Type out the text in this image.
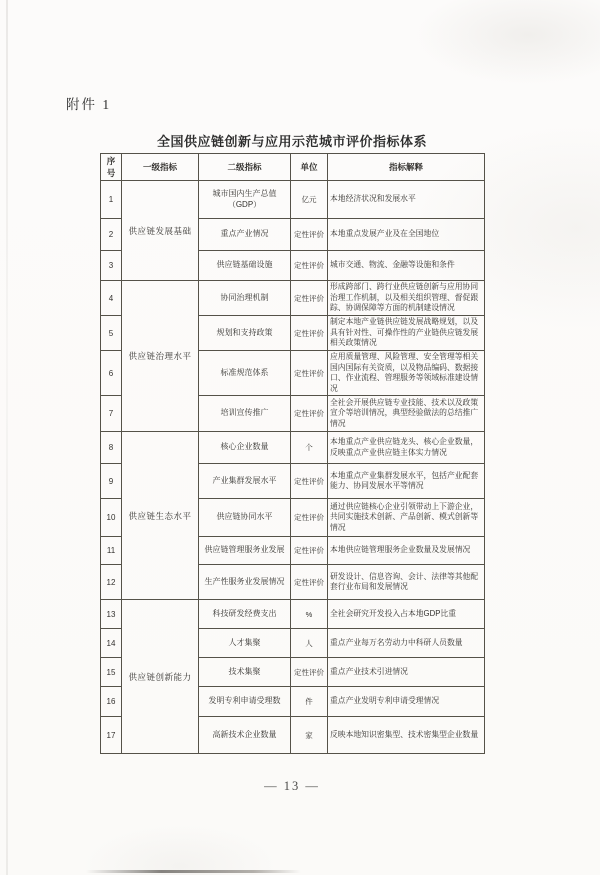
附件 1
全国供应链创新与应用示范城市评价指标体系
序号	一级指标	二级指标	单位	指标解释
1	供应链发展基础	城市国内生产总值（GDP）	亿元	本地经济状况和发展水平
2		重点产业情况	定性评价	本地重点发展产业及在全国地位
3		供应链基础设施	定性评价	城市交通、物流、金融等设施和条件
4	供应链治理水平	协同治理机制	定性评价	形成跨部门、跨行业供应链创新与应用协同治理工作机制，以及相关组织管理、督促跟踪、协调保障等方面的机制建设情况
5		规划和支持政策	定性评价	制定本地产业链供应链发展战略规划，以及具有针对性、可操作性的产业链供应链发展相关政策情况
6		标准规范体系	定性评价	应用质量管理、风险管理、安全管理等相关国内国际有关资质，以及物品编码、数据接口、作业流程、管理服务等领域标准建设情况
7		培训宣传推广	定性评价	全社会开展供应链专业技能、技术以及政策宣介等培训情况，典型经验做法的总结推广情况
8	供应链生态水平	核心企业数量	个	本地重点产业供应链龙头、核心企业数量，反映重点产业供应链主体实力情况
9		产业集群发展水平	定性评价	本地重点产业集群发展水平，包括产业配套能力、协同发展水平等情况
10		供应链协同水平	定性评价	通过供应链核心企业引领带动上下游企业，共同实施技术创新、产品创新、模式创新等情况
11		供应链管理服务业发展	定性评价	本地供应链管理服务企业数量及发展情况
12		生产性服务业发展情况	定性评价	研发设计、信息咨询、会计、法律等其他配套行业布局和发展情况
13	供应链创新能力	科技研发经费支出	%	全社会研究开发投入占本地GDP比重
14		人才集聚	人	重点产业每万名劳动力中科研人员数量
15		技术集聚	定性评价	重点产业技术引进情况
16		发明专利申请受理数	件	重点产业发明专利申请受理情况
17		高新技术企业数量	家	反映本地知识密集型、技术密集型企业数量
— 13 —
